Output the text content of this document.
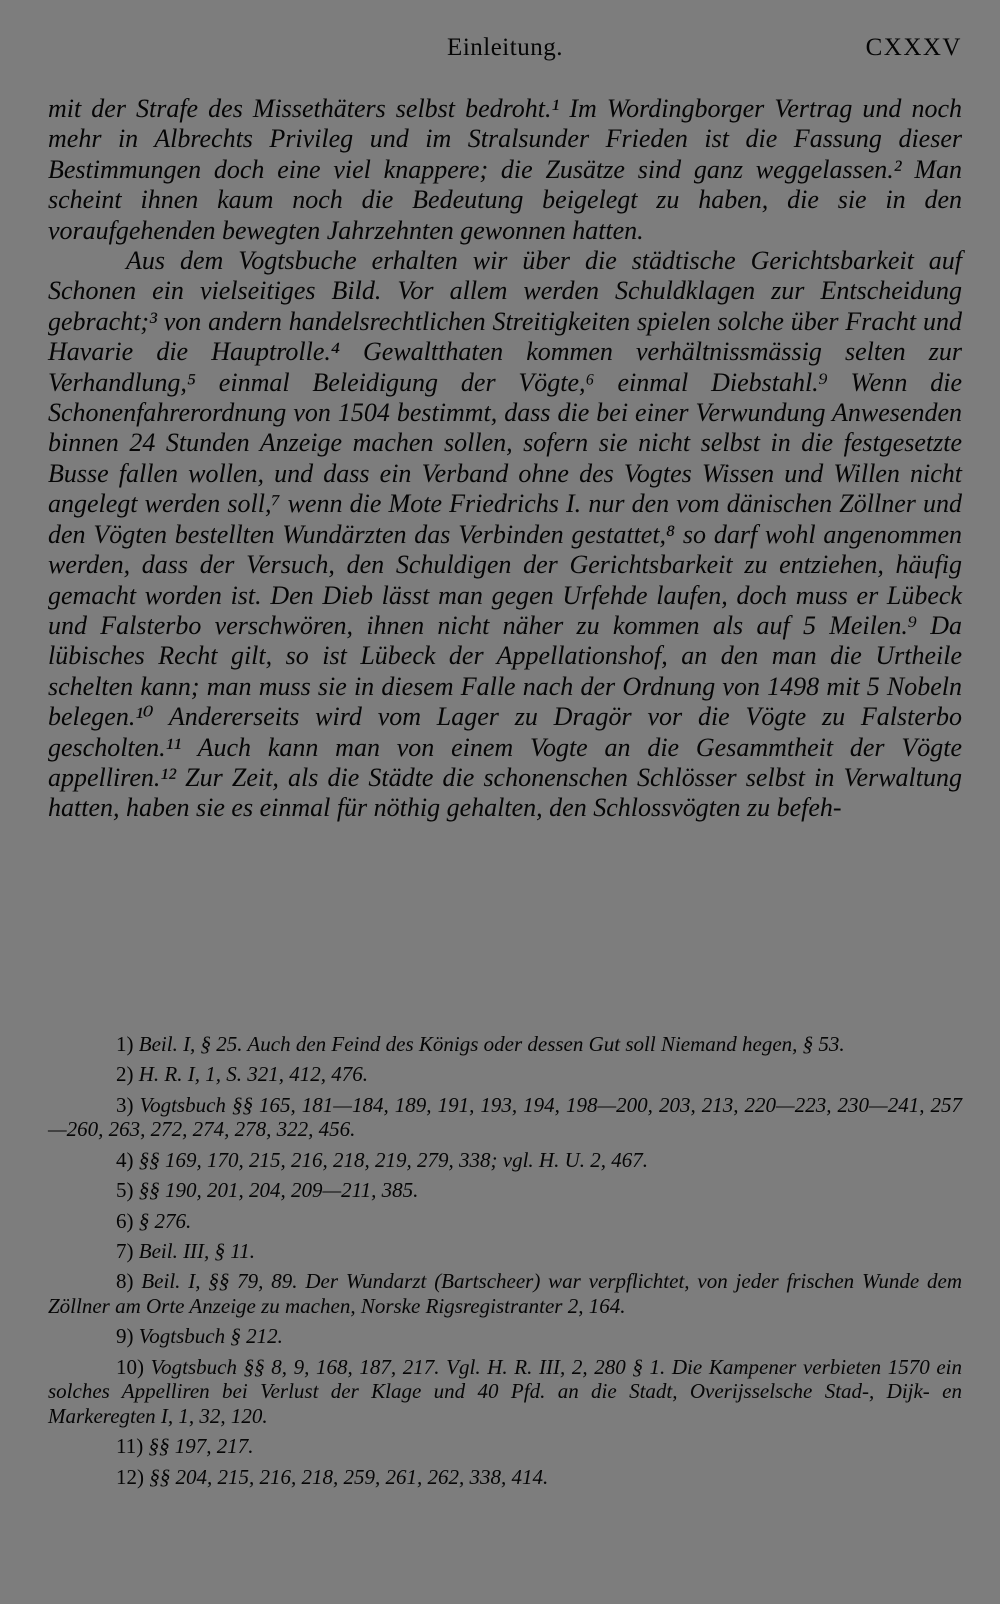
Einleitung.	CXXXV

mit der Strafe des Missethäters selbst bedroht.¹ Im Wordingborger Vertrag und noch mehr in Albrechts Privileg und im Stralsunder Frieden ist die Fassung dieser Bestimmungen doch eine viel knappere; die Zusätze sind ganz weggelassen.² Man scheint ihnen kaum noch die Bedeutung beigelegt zu haben, die sie in den voraufgehenden bewegten Jahrzehnten gewonnen hatten.

Aus dem Vogtsbuche erhalten wir über die städtische Gerichtsbarkeit auf Schonen ein vielseitiges Bild. Vor allem werden Schuldklagen zur Entscheidung gebracht;³ von andern handelsrechtlichen Streitigkeiten spielen solche über Fracht und Havarie die Hauptrolle.⁴ Gewaltthaten kommen verhältnissmässig selten zur Verhandlung,⁵ einmal Beleidigung der Vögte,⁶ einmal Diebstahl.⁹ Wenn die Schonenfahrerordnung von 1504 bestimmt, dass die bei einer Verwundung Anwesenden binnen 24 Stunden Anzeige machen sollen, sofern sie nicht selbst in die festgesetzte Busse fallen wollen, und dass ein Verband ohne des Vogtes Wissen und Willen nicht angelegt werden soll,⁷ wenn die Mote Friedrichs I. nur den vom dänischen Zöllner und den Vögten bestellten Wundärzten das Verbinden gestattet,⁸ so darf wohl angenommen werden, dass der Versuch, den Schuldigen der Gerichtsbarkeit zu entziehen, häufig gemacht worden ist. Den Dieb lässt man gegen Urfehde laufen, doch muss er Lübeck und Falsterbo verschwören, ihnen nicht näher zu kommen als auf 5 Meilen.⁹ Da lübisches Recht gilt, so ist Lübeck der Appellationshof, an den man die Urtheile schelten kann; man muss sie in diesem Falle nach der Ordnung von 1498 mit 5 Nobeln belegen.¹⁰ Andererseits wird vom Lager zu Dragör vor die Vögte zu Falsterbo gescholten.¹¹ Auch kann man von einem Vogte an die Gesammtheit der Vögte appelliren.¹² Zur Zeit, als die Städte die schonenschen Schlösser selbst in Verwaltung hatten, haben sie es einmal für nöthig gehalten, den Schlossvögten zu befeh-

1) Beil. I, § 25. Auch den Feind des Königs oder dessen Gut soll Niemand hegen, § 53.

2) H. R. I, 1, S. 321, 412, 476.

3) Vogtsbuch §§ 165, 181—184, 189, 191, 193, 194, 198—200, 203, 213, 220—223, 230—241, 257—260, 263, 272, 274, 278, 322, 456.

4) §§ 169, 170, 215, 216, 218, 219, 279, 338; vgl. H. U. 2, 467.

5) §§ 190, 201, 204, 209—211, 385.

6) § 276.

7) Beil. III, § 11.

8) Beil. I, §§ 79, 89. Der Wundarzt (Bartscheer) war verpflichtet, von jeder frischen Wunde dem Zöllner am Orte Anzeige zu machen, Norske Rigsregistranter 2, 164.

9) Vogtsbuch § 212.

10) Vogtsbuch §§ 8, 9, 168, 187, 217. Vgl. H. R. III, 2, 280 § 1. Die Kampener verbieten 1570 ein solches Appelliren bei Verlust der Klage und 40 Pfd. an die Stadt, Overijsselsche Stad-, Dijk- en Markeregten I, 1, 32, 120.

11) §§ 197, 217.

12) §§ 204, 215, 216, 218, 259, 261, 262, 338, 414.
